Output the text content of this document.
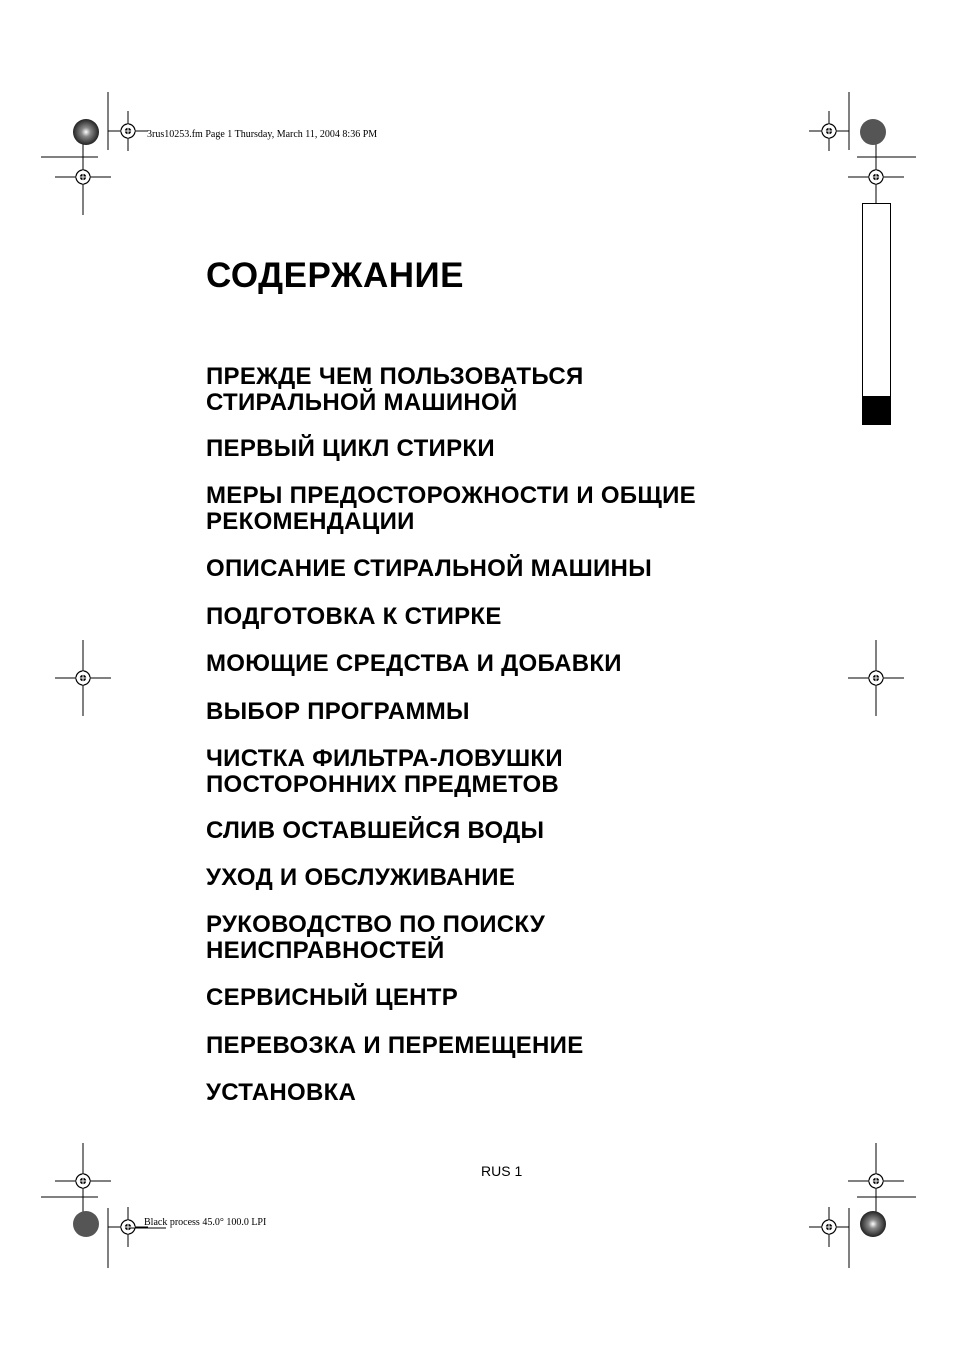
3rus10253.fm Page 1 Thursday, March 11, 2004 8:36 PM
СОДЕРЖАНИЕ
ПРЕЖДЕ ЧЕМ ПОЛЬЗОВАТЬСЯ
СТИРАЛЬНОЙ МАШИНОЙ
ПЕРВЫЙ ЦИКЛ СТИРКИ
МЕРЫ ПРЕДОСТОРОЖНОСТИ И ОБЩИЕ
РЕКОМЕНДАЦИИ
ОПИСАНИЕ СТИРАЛЬНОЙ МАШИНЫ
ПОДГОТОВКА К СТИРКЕ
МОЮЩИЕ СРЕДСТВА И ДОБАВКИ
ВЫБОР ПРОГРАММЫ
ЧИСТКА ФИЛЬТРА-ЛОВУШКИ
ПОСТОРОННИХ ПРЕДМЕТОВ
СЛИВ ОСТАВШЕЙСЯ ВОДЫ
УХОД И ОБСЛУЖИВАНИЕ
РУКОВОДСТВО ПО ПОИСКУ
НЕИСПРАВНОСТЕЙ
СЕРВИСНЫЙ ЦЕНТР
ПЕРЕВОЗКА И ПЕРЕМЕЩЕНИЕ
УСТАНОВКА
RUS 1
Black process 45.0° 100.0 LPI
